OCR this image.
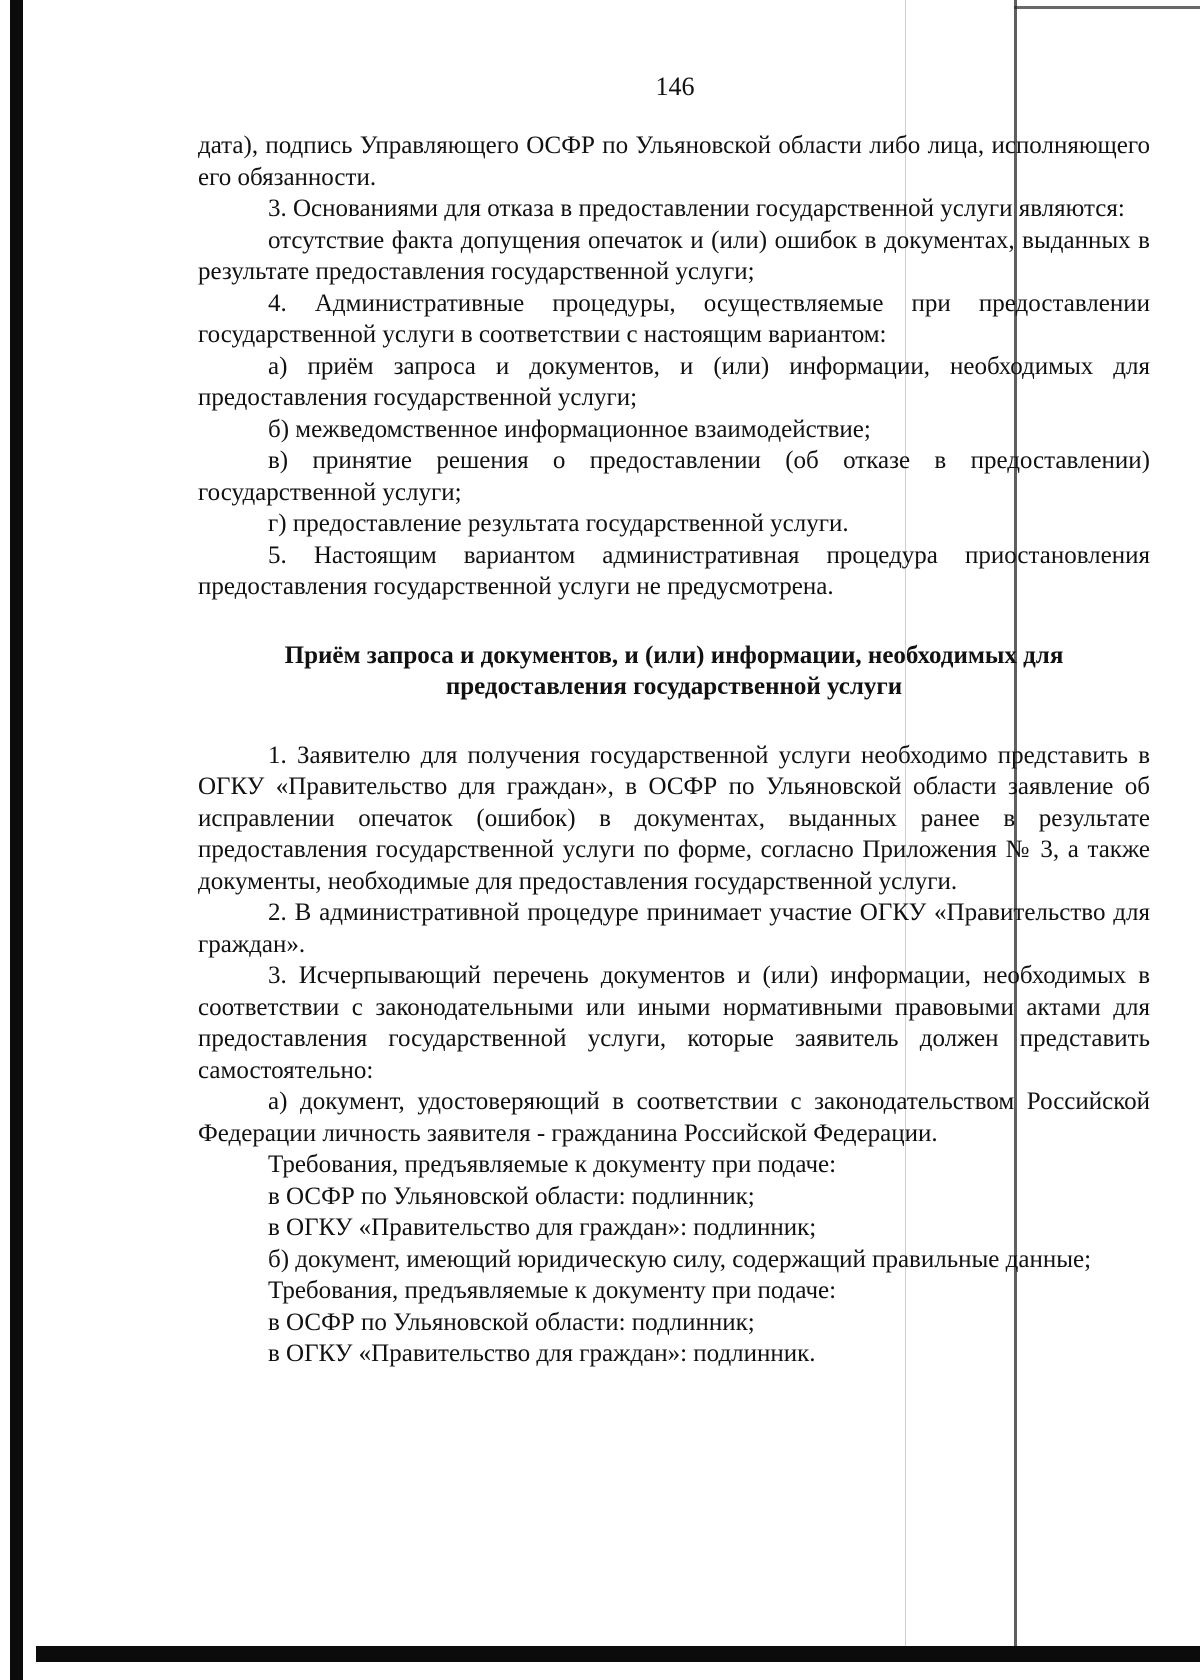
146

дата), подпись Управляющего ОСФР по Ульяновской области либо лица, исполняющего его обязанности.

3. Основаниями для отказа в предоставлении государственной услуги являются:

отсутствие факта допущения опечаток и (или) ошибок в документах, выданных в результате предоставления государственной услуги;

4. Административные процедуры, осуществляемые при предоставлении государственной услуги в соответствии с настоящим вариантом:

а) приём запроса и документов, и (или) информации, необходимых для предоставления государственной услуги;

б) межведомственное информационное взаимодействие;

в) принятие решения о предоставлении (об отказе в предоставлении) государственной услуги;

г) предоставление результата государственной услуги.

5. Настоящим вариантом административная процедура приостановления предоставления государственной услуги не предусмотрена.

Приём запроса и документов, и (или) информации, необходимых для предоставления государственной услуги

1. Заявителю для получения государственной услуги необходимо представить в ОГКУ «Правительство для граждан», в ОСФР по Ульяновской области заявление об исправлении опечаток (ошибок) в документах, выданных ранее в результате предоставления государственной услуги по форме, согласно Приложения № 3, а также документы, необходимые для предоставления государственной услуги.

2. В административной процедуре принимает участие ОГКУ «Правительство для граждан».

3. Исчерпывающий перечень документов и (или) информации, необходимых в соответствии с законодательными или иными нормативными правовыми актами для предоставления государственной услуги, которые заявитель должен представить самостоятельно:

а) документ, удостоверяющий в соответствии с законодательством Российской Федерации личность заявителя - гражданина Российской Федерации.

Требования, предъявляемые к документу при подаче:

в ОСФР по Ульяновской области: подлинник;

в ОГКУ «Правительство для граждан»: подлинник;

б) документ, имеющий юридическую силу, содержащий правильные данные;

Требования, предъявляемые к документу при подаче:

в ОСФР по Ульяновской области: подлинник;

в ОГКУ «Правительство для граждан»: подлинник.
